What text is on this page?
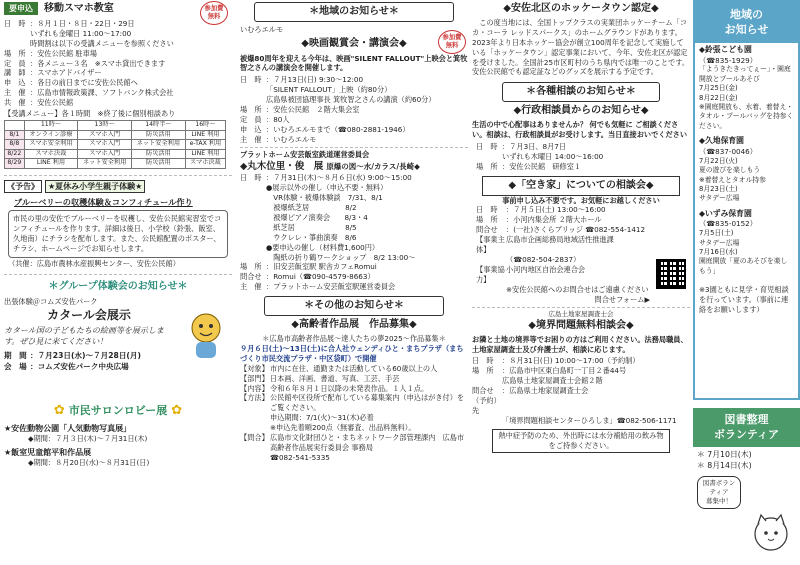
要申込	移動スマホ教室	参加費
無料
日　時 ：８月１日・８日・22日・29日
いずれも金曜日 11:00～17:00
時間割は以下の受講メニューを参照ください
場　所 ：安佐公民館 駐車場
定　員 ：各メニュー３名　※スマホ貸出できます
講　師 ：スマホアドバイザー
申　込 ：各日の前日までに安佐公民館へ
主　催 ：広島市情報政策課、ソフトバンク株式会社
共　催 ：安佐公民館
【受講メニュー】各１時間　※終了後に個別相談あり
	11時～	13時～	14時半～	16時～
8/1	オンライン診療	スマホ入門	防災活用	LINE 利用
8/8	スマホ安全利用	スマホ入門	ネット安全利用	e-TAX 利用
8/22	スマホ決裁	スマホ入門	防災活用	LINE 利用
8/29	LINE 利用	ネット安全利用	防災活用	スマホ決裁
《予告》	★夏休み小学生親子体験★
ブルーベリーの収穫体験＆コンフィチュール作り
市民の里の安佐でブルーベリーを収穫し、安佐公民館実習室でコンフィチュールを作ります。詳細は後日、小学校（鈴張、飯室、久地南）にチラシを配布します。また、公民館配置のポスター、チラシ、ホームページでお知らせします。
（共催：広島市農林水産振興センター、安佐公民館）
＊グループ体験会のお知らせ＊
出張体験＠コムズ安佐パーク
カタール会展示
カタール国の子どもたちの絵画等を展示します。ぜひ見に来てください！
期　間 ：７月23日(水)～７月28日(月)
会　場 ：コムズ安佐パーク中央広場
✿ 市民サロンロビー展 ✿
★安佐動物公園「人気動物写真展」
◆期間：７月３日(木)～７月31日(木)
★飯室児童館平和作品展
◆期間：８月20日(水)～８月31日(日)
＊地域のお知らせ＊
いむろエルモ
◆映画観賞会・講演会◆
参加費
無料
被爆80周年を迎える今年は、映画"SILENT FALLOUT"上映会と箕牧智之さんの講演会を開催します。
日　時 ：７月13日(日) 9:30～12:00
「SILENT FALLOUT」上映（約80分）
広島県被団協理事長 箕牧智之さんの講演（約60分）
場　所 ：安佐公民館　２階大集会室
定　員 ：80人
申　込 ：いむろエルモまで（☎080-2881-1946）
主　催 ：いむろエルモ
プラットホーム安芸飯室鉄道運営委員会
◆丸木位里・俊　展 原爆の図～水/カラス/長崎◆
日　時 ：７月31日(木)～８月６日(水) 9:00～15:00
●展示以外の催し（申込不要・無料）
　VR体験・被爆体験談　7/31、8/1
　被爆紙芝居　　　　　8/2
　被爆ピアノ演奏会　　8/3・4
　紙芝居　　　　　　　8/5
　ウクレレ・箏曲演奏　8/6
●要申込の催し（材料費1,600円）
　陶紙の折り鶴ワークショップ　8/2 13:00～
場　所 ：旧安芸飯室駅 駅舎カフェRomui
問合せ ：Romui（☎090-4579-8663）
主　催 ：プラットホーム安芸飯室駅運営委員会
＊その他のお知らせ＊
◆高齢者作品展　作品募集◆
＊広島市高齢者作品展～達人たちの夢2025～作品募集＊
９月６日(土)～13日(土)に合人社ウェンディひと・まちプラザ（まちづくり市民交流プラザ・中区袋町）で開催
【対象】 市内に在住、通勤または活動している60歳以上の人
【部門】 日本画、洋画、書道、写真、工芸、手芸
【内容】 令和６年８月１日以降の未発表作品。１人１点。
【方法】 公民館や区役所で配布している募集案内（申込はがき付）をご覧ください。
申込期間：7/1(火)～31(木)必着
※申込先着順200点（無審査、出品料無料）。
【問合】 広島市文化財団ひと・まちネットワーク部管理課内　広島市高齢者作品展実行委員会 事務局
☎082-541-5335
◆安佐北区のホッケータウン認定◆
この度当地には、全国トップクラスの実業団ホッケーチーム「コカ・コーラ レッドスパークス」のホームグラウンドがあります。2023年より日本ホッケー協会が創立100周年を記念して実施している「ホッケータウン」認定事業において、今年、安佐北区が認定を受けました。全国計25市区町村のうち県内では唯一のことです。安佐公民館でも認定証などのグッズを展示する予定です。
＊各種相談のお知らせ＊
◆行政相談員からのお知らせ◆
生活の中で心配事はありませんか？ 何でも気軽に ご相談ください。相談は、行政相談員がお受けします。当日直接おいでください
日　時 ：７月3日、8月7日
いずれも木曜日 14:00～16:00
場　所 ：安佐公民館　研修室１
◆「空き家」についての相談会◆
事前申し込み不要です。お気軽にお越しください
日　時	：７月５日(土) 13:00～16:00
場　所	：小河内集会所 ２階大ホール
問合せ	：(一社)さくらブリッジ ☎082-554-1412
【事業主体】
広島市企画総務局地域活性推進課
（☎082-504-2837）
【事業協力】
小河内地区自治会連合会
※安佐公民館へのお問合せはご遠慮ください
問合せフォーム▶
広島土地家屋調査士会
◆境界問題無料相談会◆
お隣と土地の境界等でお困りの方はご利用ください。法務局職員、土地家屋調査士及び弁護士が、相談に応じます。
日　時	：８月31日(日) 10:00～17:00（予約制）
場　所	：広島市中区東白島町一丁目２番44号
広島県土地家屋調査士会館２階
問合せ（予約）先
：広島県土地家屋調査士会
「境界問題相談センターひろしま」☎082-506-1171
熱中症予防のため、外出時には水分補給用の飲み物をご持参ください。
地域の
お知らせ
◆鈴張こども園
（☎835-1929）
「ようきたきってぇー」・園庭開放とプールあそび
7月25日(金)
8月22日(金)
※園庭開放も、水着、着替え・タオル・プールバッグを持参ください。
◆久地保育園
（☎837-0046）
7月22日(火)
夏の遊びを楽しもう
※着替えとタオル持参
8月23日(土)
サタデー広場
◆いずみ保育園
（☎835-0152）
7月5日(土)
サタデー広場
7月16日(水)
園庭開放「夏のあそびを楽しもう」
※3園ともに見学・育児相談を行っています。（事前に連絡をお願いします）
図書整理
ボランティア
＊ 7月10日(木)
＊ 8月14日(木)
図書ボランティア
募集中！
